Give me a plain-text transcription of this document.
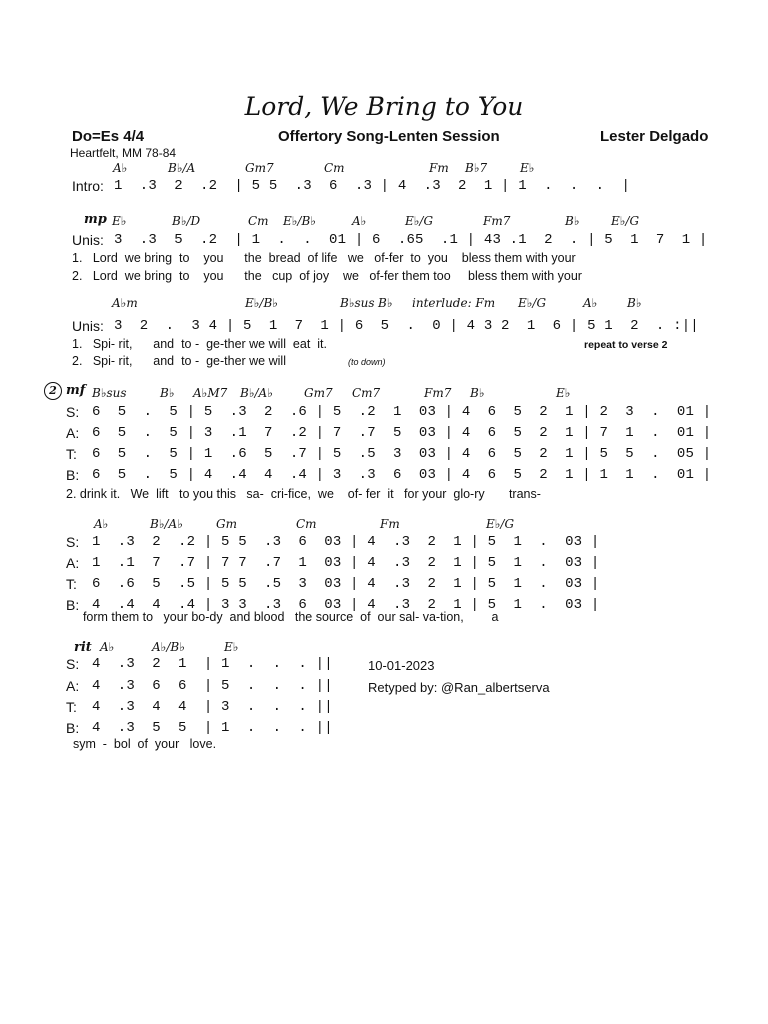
Lord, We Bring to You
Do=Es 4/4	Offertory Song-Lenten Session	Lester Delgado
Heartfelt, MM 78-84
A♭	B♭/A	Gm7	Cm	Fm B♭7	E♭
Intro: 1  .3  2  .2  | 5 5  .3  6  .3 | 4  .3  2  1 | 1  .  .  .  |
mp E♭	B♭/D	Cm E♭/B♭	A♭	E♭/G	Fm7	B♭	E♭/G
Unis: 3  .3  5  .2  | 1  .  .  01 | 6  .65  .1 | 43 .1  2  . | 5  1  7  1 |
1.   Lord  we bring  to    you      the  bread  of life   we   of-fer  to  you    bless them with your
2.   Lord  we bring  to    you      the   cup  of joy    we   of-fer them too     bless them with your
A♭m	E♭/B♭	B♭sus B♭ interlude: Fm E♭/G	A♭ B♭
Unis: 3  2  .  3 4 | 5  1  7  1 | 6  5  .  0 | 4 3 2  1  6 | 5 1  2  . :||
1.   Spi- rit,      and  to -  ge-ther we will  eat  it.	repeat to verse 2
2.   Spi- rit,      and  to -  ge-ther we will	(to down)
2 mf B♭sus	B♭ A♭M7 B♭/A♭	Gm7 Cm7	Fm7 B♭	E♭
S: 6  5  .  5 | 5  .3  2  .6 | 5  .2  1  03 | 4  6  5  2  1 | 2  3  .  01 |
A: 6  5  .  5 | 3  .1  7  .2 | 7  .7  5  03 | 4  6  5  2  1 | 7  1  .  01 |
T: 6  5  .  5 | 1  .6  5  .7 | 5  .5  3  03 | 4  6  5  2  1 | 5  5  .  05 |
B: 6  5  .  5 | 4  .4  4  .4 | 3  .3  6  03 | 4  6  5  2  1 | 1  1  .  01 |
2. drink it.   We  lift   to you this   sa-  cri-fice,  we    of- fer  it   for your  glo-ry       trans-
A♭	B♭/A♭	Gm	Cm	Fm	E♭/G
S: 1  .3  2  .2 | 5 5  .3  6  03 | 4  .3  2  1 | 5  1  .  03 |
A: 1  .1  7  .7 | 7 7  .7  1  03 | 4  .3  2  1 | 5  1  .  03 |
T: 6  .6  5  .5 | 5 5  .5  3  03 | 4  .3  2  1 | 5  1  .  03 |
B: 4  .4  4  .4 | 3 3  .3  6  03 | 4  .3  2  1 | 5  1  .  03 |
form them to   your bo-dy  and blood   the source  of  our sal- va-tion,        a
rit A♭	A♭/B♭	E♭
S: 4  .3  2  1  | 1  .  .  . ||
A: 4  .3  6  6  | 5  .  .  . ||
T: 4  .3  4  4  | 3  .  .  . ||
B: 4  .3  5  5  | 1  .  .  . ||
sym  -  bol  of  your   love.
10-01-2023
Retyped by: @Ran_albertserva
